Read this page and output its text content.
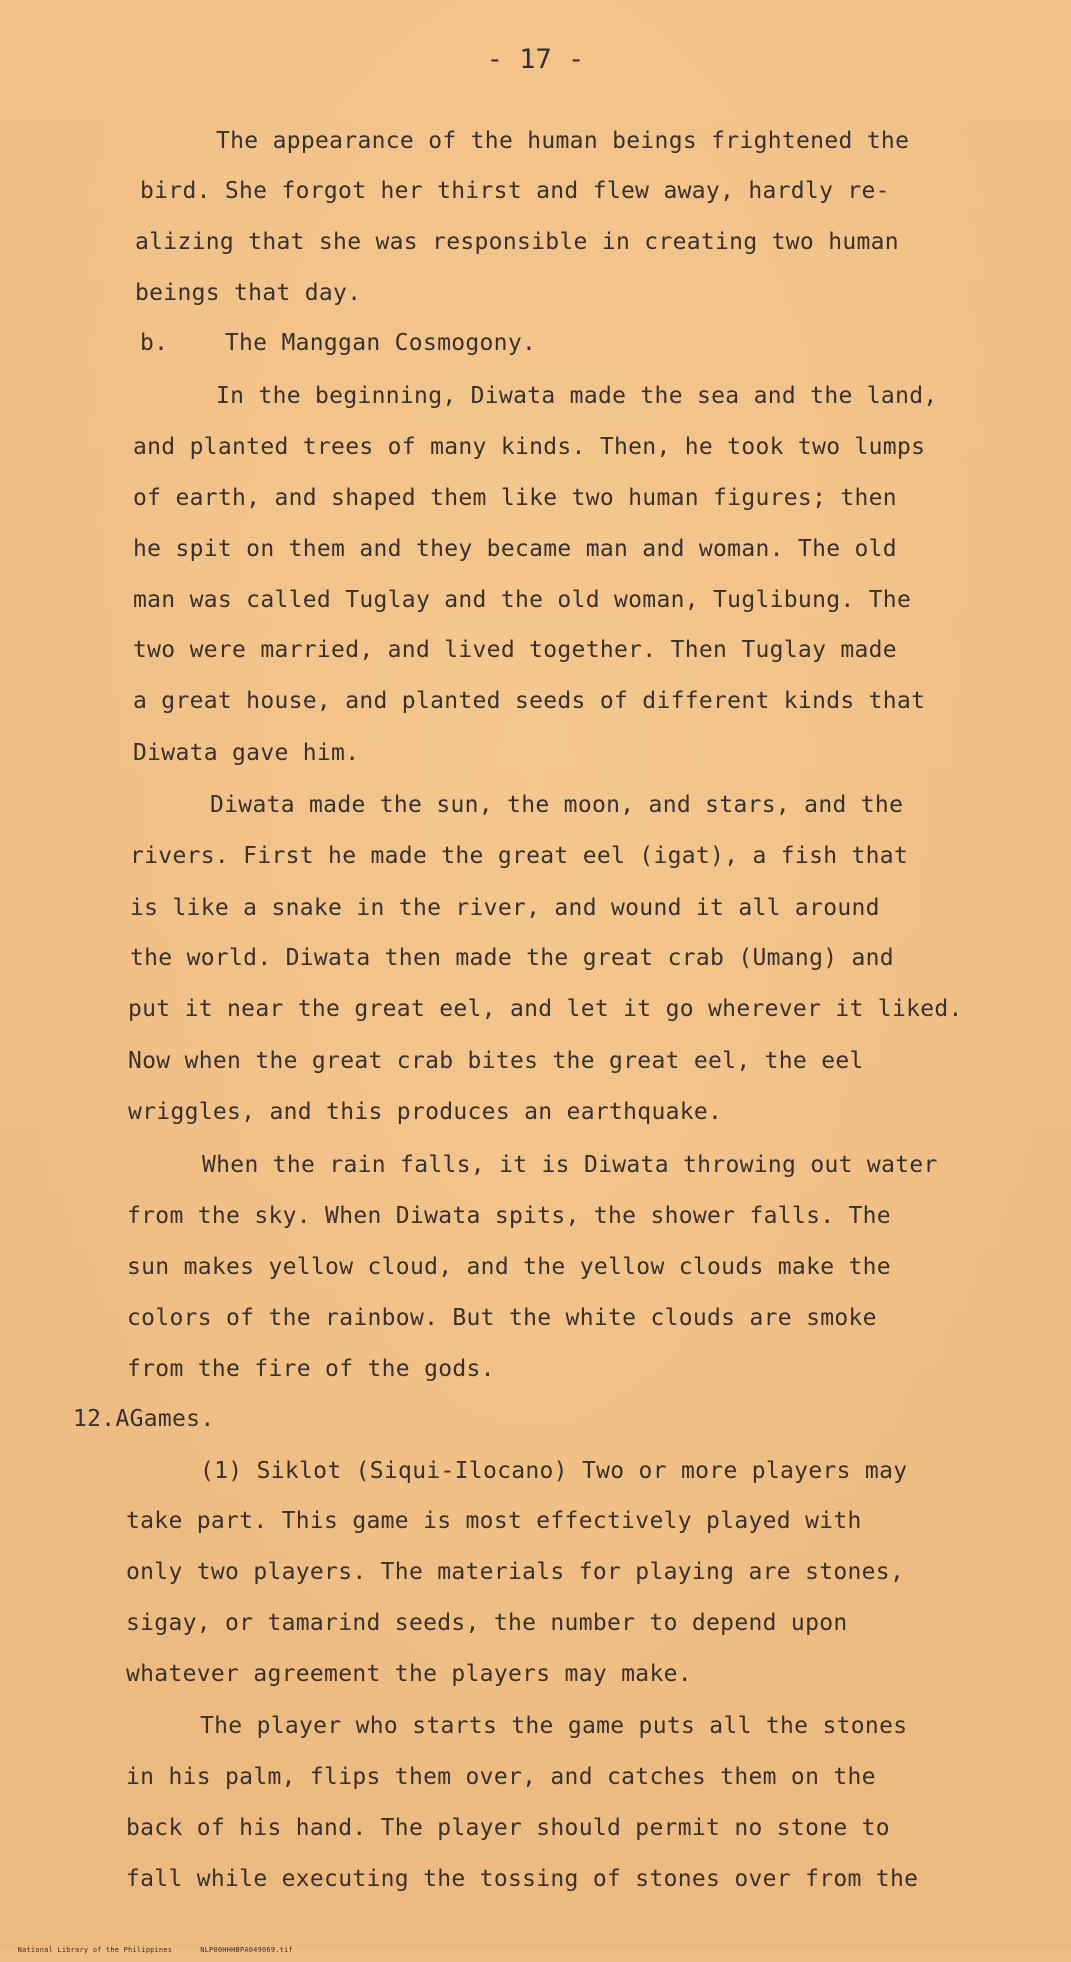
- 17 -
The appearance of the human beings frightened the
bird. She forgot her thirst and flew away, hardly re-
alizing that she was responsible in creating two human
beings that day.
b.    The Manggan Cosmogony.
In the beginning, Diwata made the sea and the land,
and planted trees of many kinds. Then, he took two lumps
of earth, and shaped them like two human figures; then
he spit on them and they became man and woman. The old
man was called Tuglay and the old woman, Tuglibung. The
two were married, and lived together. Then Tuglay made
a great house, and planted seeds of different kinds that
Diwata gave him.
Diwata made the sun, the moon, and stars, and the
rivers. First he made the great eel (igat), a fish that
is like a snake in the river, and wound it all around
the world. Diwata then made the great crab (Umang) and
put it near the great eel, and let it go wherever it liked.
Now when the great crab bites the great eel, the eel
wriggles, and this produces an earthquake.
When the rain falls, it is Diwata throwing out water
from the sky. When Diwata spits, the shower falls. The
sun makes yellow cloud, and the yellow clouds make the
colors of the rainbow. But the white clouds are smoke
from the fire of the gods.
12.AGames.
(1) Siklot (Siqui-Ilocano) Two or more players may
take part. This game is most effectively played with
only two players. The materials for playing are stones,
sigay, or tamarind seeds, the number to depend upon
whatever agreement the players may make.
The player who starts the game puts all the stones
in his palm, flips them over, and catches them on the
back of his hand. The player should permit no stone to
fall while executing the tossing of stones over from the

National Library of the Philippines	NLP00HHHBPA049069.tif
